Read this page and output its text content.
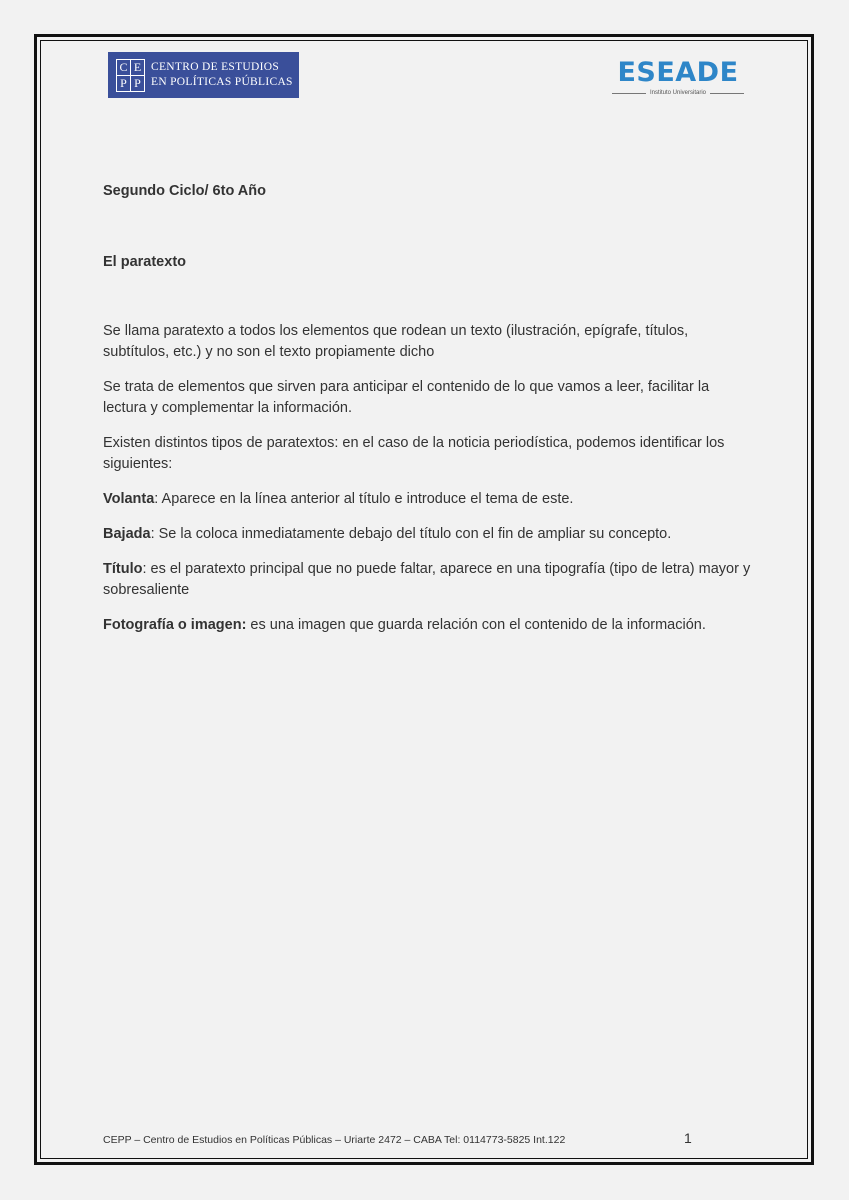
C E
P P
CENTRO DE ESTUDIOS
EN POLÍTICAS PÚBLICAS	ESEADE
Instituto Universitario
Segundo Ciclo/ 6to Año
El paratexto

Se llama paratexto a todos los elementos que rodean un texto (ilustración, epígrafe, títulos, subtítulos, etc.) y no son el texto propiamente dicho

Se trata de elementos que sirven para anticipar el contenido de lo que vamos a leer, facilitar la lectura y complementar la información.

Existen distintos tipos de paratextos: en el caso de la noticia periodística, podemos identificar los siguientes:

Volanta: Aparece en la línea anterior al título e introduce el tema de este.

Bajada: Se la coloca inmediatamente debajo del título con el fin de ampliar su concepto.

Título: es el paratexto principal que no puede faltar, aparece en una tipografía (tipo de letra) mayor y sobresaliente

Fotografía o imagen: es una imagen que guarda relación con el contenido de la información.

CEPP – Centro de Estudios en Políticas Públicas – Uriarte 2472 – CABA Tel: 0114773-5825 Int.122	1
